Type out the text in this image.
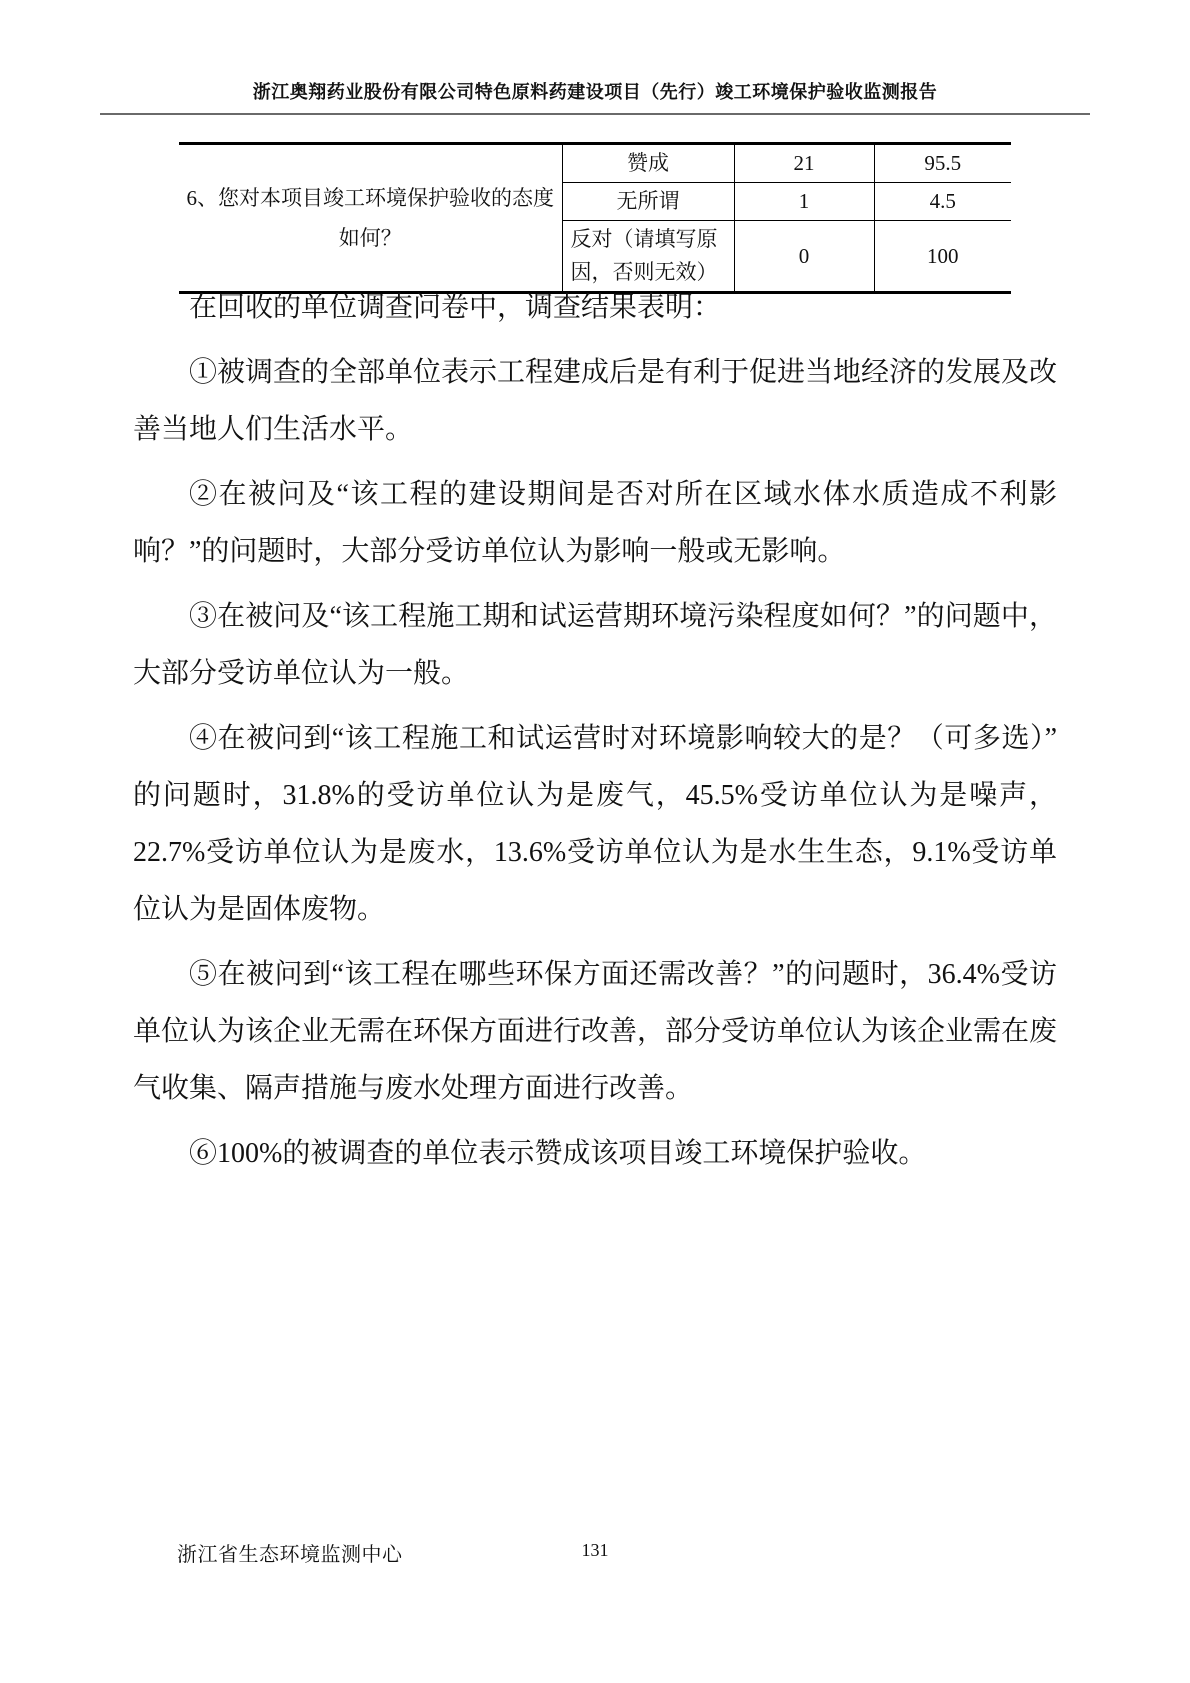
浙江奥翔药业股份有限公司特色原料药建设项目（先行）竣工环境保护验收监测报告
6、您对本项目竣工环境保护验收的态度如何？	赞成	21	95.5
	无所谓	1	4.5
	反对（请填写原因，否则无效）	0	100

在回收的单位调查问卷中，调查结果表明：

①被调查的全部单位表示工程建成后是有利于促进当地经济的发展及改善当地人们生活水平。

②在被问及“该工程的建设期间是否对所在区域水体水质造成不利影响？”的问题时，大部分受访单位认为影响一般或无影响。

③在被问及“该工程施工期和试运营期环境污染程度如何？”的问题中，大部分受访单位认为一般。

④在被问到“该工程施工和试运营时对环境影响较大的是？（可多选）”的问题时，31.8%的受访单位认为是废气，45.5%受访单位认为是噪声，22.7%受访单位认为是废水，13.6%受访单位认为是水生生态，9.1%受访单位认为是固体废物。

⑤在被问到“该工程在哪些环保方面还需改善？”的问题时，36.4%受访单位认为该企业无需在环保方面进行改善，部分受访单位认为该企业需在废气收集、隔声措施与废水处理方面进行改善。

⑥100%的被调查的单位表示赞成该项目竣工环境保护验收。

浙江省生态环境监测中心	131
